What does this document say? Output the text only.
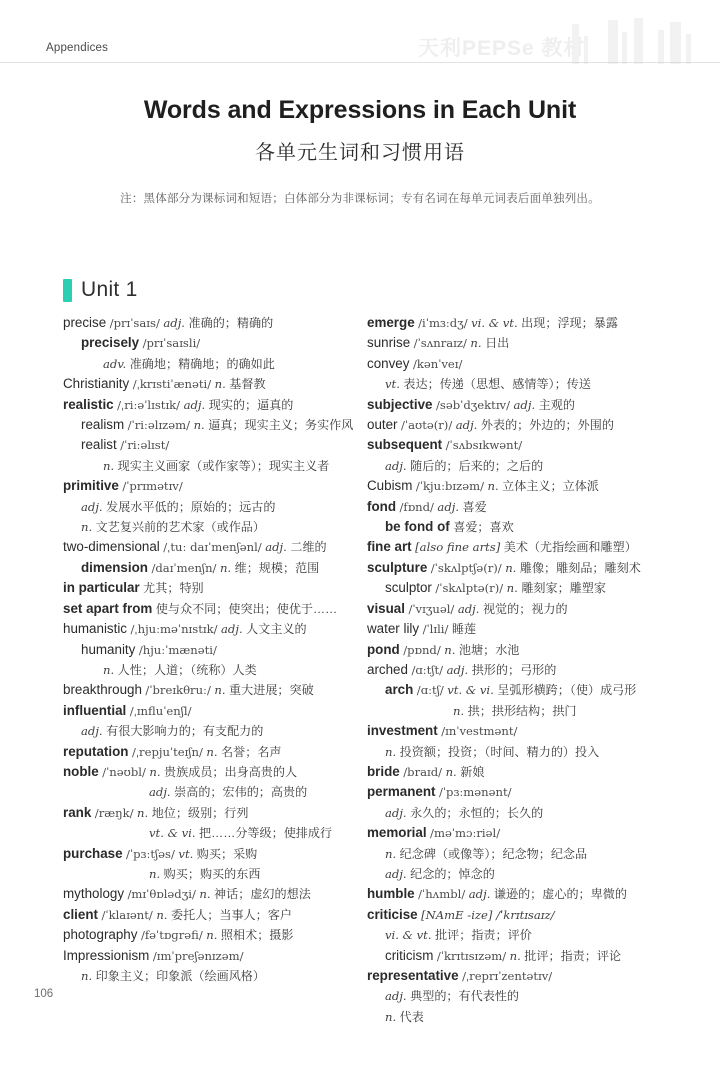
Appendices	天利PEPSe 教材
Words and Expressions in Each Unit
各单元生词和习惯用语
注：黑体部分为课标词和短语；白体部分为非课标词；专有名词在每单元词表后面单独列出。
Unit 1
precise /prɪˈsaɪs/ adj. 准确的；精确的
precisely /prɪˈsaɪsli/
adv. 准确地；精确地；的确如此
Christianity /ˌkrɪstiˈænəti/ n. 基督教
realistic /ˌriːəˈlɪstɪk/ adj. 现实的；逼真的
realism /ˈriːəlɪzəm/ n. 逼真；现实主义；务实作风
realist /ˈriːəlɪst/
n. 现实主义画家（或作家等）；现实主义者
primitive /ˈprɪmətɪv/
adj. 发展水平低的；原始的；远古的
n. 文艺复兴前的艺术家（或作品）
two-dimensional /ˌtuː daɪˈmenʃənl/ adj. 二维的
dimension /daɪˈmenʃn/ n. 维；规模；范围
in particular 尤其；特别
set apart from 使与众不同；使突出；使优于……
humanistic /ˌhjuːməˈnɪstɪk/ adj. 人文主义的
humanity /hjuːˈmænəti/
n. 人性；人道；（统称）人类
breakthrough /ˈbreɪkθruː/ n. 重大进展；突破
influential /ˌɪnfluˈenʃl/
adj. 有很大影响力的；有支配力的
reputation /ˌrepjuˈteɪʃn/ n. 名誉；名声
noble /ˈnəʊbl/ n. 贵族成员；出身高贵的人
adj. 崇高的；宏伟的；高贵的
rank /ræŋk/ n. 地位；级别；行列
vt. & vi. 把……分等级；使排成行
purchase /ˈpɜːtʃəs/ vt. 购买；采购
n. 购买；购买的东西
mythology /mɪˈθɒlədʒi/ n. 神话；虚幻的想法
client /ˈklaɪənt/ n. 委托人；当事人；客户
photography /fəˈtɒɡrəfi/ n. 照相术；摄影
Impressionism /ɪmˈpreʃənɪzəm/
n. 印象主义；印象派（绘画风格）
emerge /iˈmɜːdʒ/ vi. & vt. 出现；浮现；暴露
sunrise /ˈsʌnraɪz/ n. 日出
convey /kənˈveɪ/
vt. 表达；传递（思想、感情等）；传送
subjective /səbˈdʒektɪv/ adj. 主观的
outer /ˈaʊtə(r)/ adj. 外表的；外边的；外围的
subsequent /ˈsʌbsɪkwənt/
adj. 随后的；后来的；之后的
Cubism /ˈkjuːbɪzəm/ n. 立体主义；立体派
fond /fɒnd/ adj. 喜爱
be fond of 喜爱；喜欢
fine art [also fine arts] 美术（尤指绘画和雕塑）
sculpture /ˈskʌlptʃə(r)/ n. 雕像；雕刻品；雕刻术
sculptor /ˈskʌlptə(r)/ n. 雕刻家；雕塑家
visual /ˈvɪʒuəl/ adj. 视觉的；视力的
water lily /ˈlɪli/ 睡莲
pond /pɒnd/ n. 池塘；水池
arched /ɑːtʃt/ adj. 拱形的；弓形的
arch /ɑːtʃ/ vt. & vi. 呈弧形横跨；（使）成弓形
n. 拱；拱形结构；拱门
investment /ɪnˈvestmənt/
n. 投资额；投资；（时间、精力的）投入
bride /braɪd/ n. 新娘
permanent /ˈpɜːmənənt/
adj. 永久的；永恒的；长久的
memorial /məˈmɔːriəl/
n. 纪念碑（或像等）；纪念物；纪念品
adj. 纪念的；悼念的
humble /ˈhʌmbl/ adj. 谦逊的；虚心的；卑微的
criticise [NAmE -ize] /ˈkrɪtɪsaɪz/
vi. & vt. 批评；指责；评价
criticism /ˈkrɪtɪsɪzəm/ n. 批评；指责；评论
representative /ˌreprɪˈzentətɪv/
adj. 典型的；有代表性的
n. 代表
106
